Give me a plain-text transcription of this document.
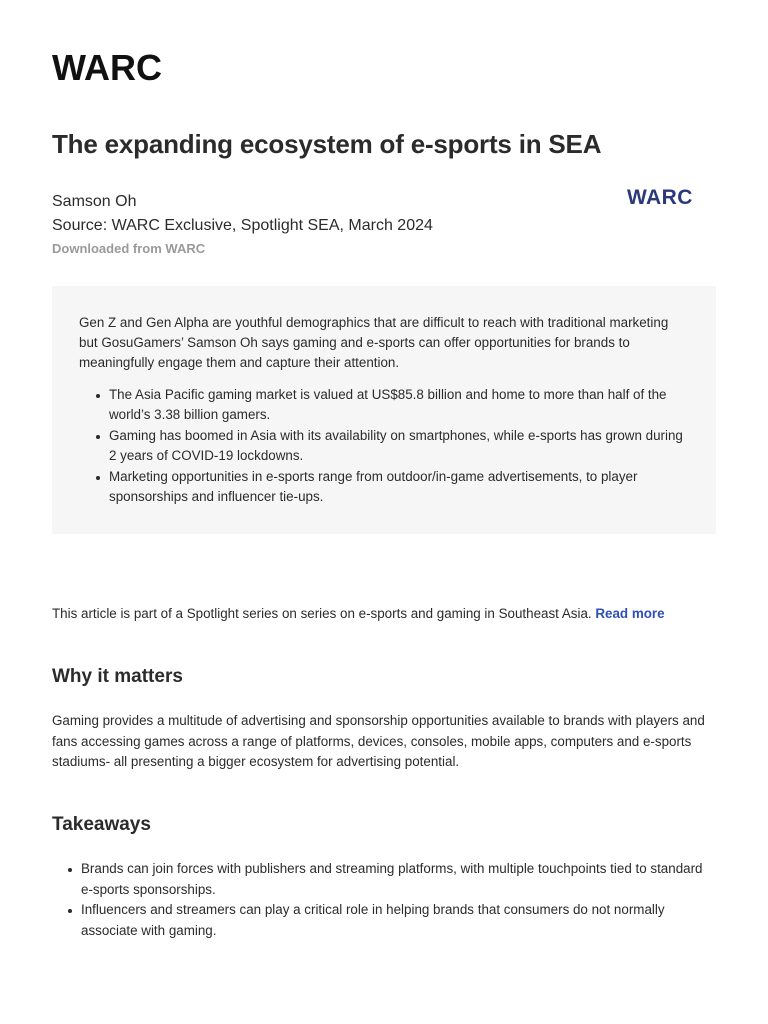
WARC
The expanding ecosystem of e-sports in SEA
Samson Oh
Source: WARC Exclusive, Spotlight SEA, March 2024
Downloaded from WARC
WARC

Gen Z and Gen Alpha are youthful demographics that are difficult to reach with traditional marketing but GosuGamers’ Samson Oh says gaming and e-sports can offer opportunities for brands to meaningfully engage them and capture their attention.

The Asia Pacific gaming market is valued at US$85.8 billion and home to more than half of the world’s 3.38 billion gamers.
Gaming has boomed in Asia with its availability on smartphones, while e-sports has grown during 2 years of COVID-19 lockdowns.
Marketing opportunities in e-sports range from outdoor/in-game advertisements, to player sponsorships and influencer tie-ups.

This article is part of a Spotlight series on series on e-sports and gaming in Southeast Asia. Read more

Why it matters

Gaming provides a multitude of advertising and sponsorship opportunities available to brands with players and fans accessing games across a range of platforms, devices, consoles, mobile apps, computers and e-sports stadiums- all presenting a bigger ecosystem for advertising potential.

Takeaways
Brands can join forces with publishers and streaming platforms, with multiple touchpoints tied to standard e-sports sponsorships.
Influencers and streamers can play a critical role in helping brands that consumers do not normally associate with gaming.
